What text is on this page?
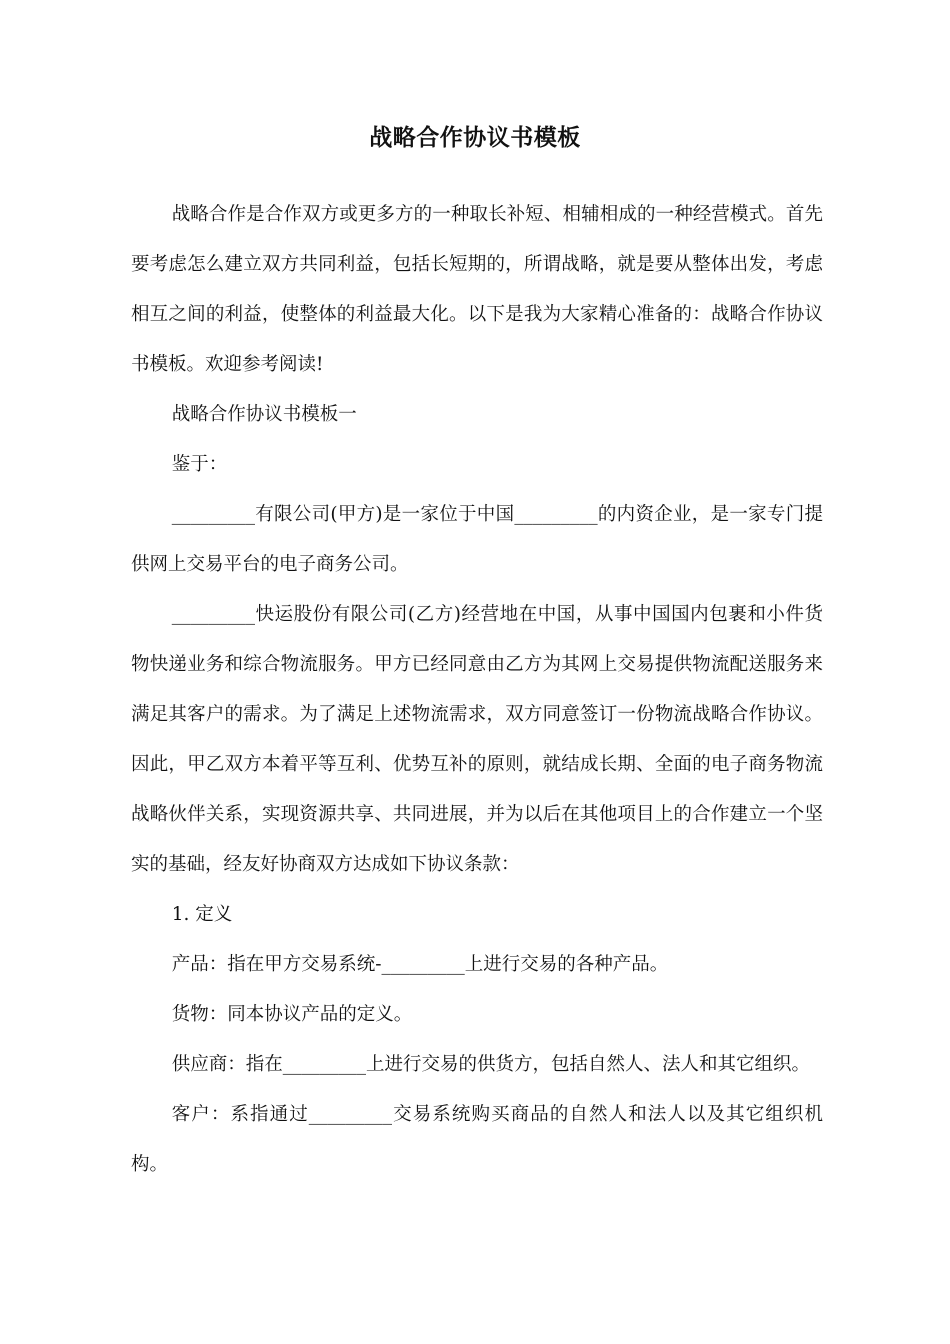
战略合作协议书模板

战略合作是合作双方或更多方的一种取长补短、相辅相成的一种经营模式。首先要考虑怎么建立双方共同利益，包括长短期的，所谓战略，就是要从整体出发，考虑相互之间的利益，使整体的利益最大化。以下是我为大家精心准备的：战略合作协议书模板。欢迎参考阅读!

战略合作协议书模板一

鉴于：

_________有限公司(甲方)是一家位于中国_________的内资企业，是一家专门提供网上交易平台的电子商务公司。

_________快运股份有限公司(乙方)经营地在中国，从事中国国内包裹和小件货物快递业务和综合物流服务。甲方已经同意由乙方为其网上交易提供物流配送服务来满足其客户的需求。为了满足上述物流需求，双方同意签订一份物流战略合作协议。因此，甲乙双方本着平等互利、优势互补的原则，就结成长期、全面的电子商务物流战略伙伴关系，实现资源共享、共同进展，并为以后在其他项目上的合作建立一个坚实的基础，经友好协商双方达成如下协议条款：

1. 定义

产品：指在甲方交易系统-_________上进行交易的各种产品。

货物：同本协议产品的定义。

供应商：指在_________上进行交易的供货方，包括自然人、法人和其它组织。

客户：系指通过_________交易系统购买商品的自然人和法人以及其它组织机构。
